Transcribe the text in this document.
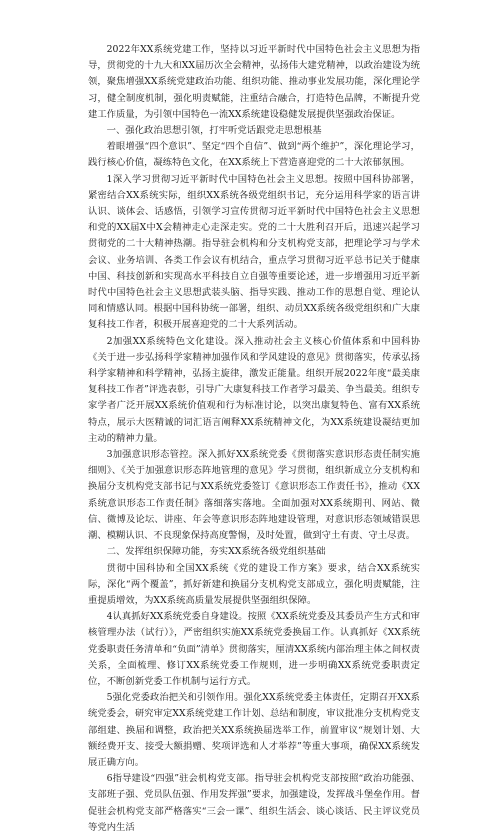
2022年XX系统党建工作，坚持以习近平新时代中国特色社会主义思想为指导，贯彻党的十九大和XX届历次全会精神，弘扬伟大建党精神，以政治建设为统领，聚焦增强XX系统党建政治功能、组织功能、推动事业发展功能，深化理论学习，健全制度机制，强化明责赋能，注重结合融合，打造特色品牌，不断提升党建工作质量，为引领中国特色一流XX系统建设稳健发展提供坚强政治保证。

一、强化政治思想引领，打牢听党话跟党走思想根基

着眼增强“四个意识”、坚定“四个自信”、做到“两个维护”，深化理论学习，践行核心价值，凝练特色文化，在XX系统上下营造喜迎党的二十大浓郁氛围。

1深入学习贯彻习近平新时代中国特色社会主义思想。按照中国科协部署，紧密结合XX系统实际，组织XX系统各级党组织书记，充分运用科学家的语言讲认识、谈体会、话感悟，引领学习宣传贯彻习近平新时代中国特色社会主义思想和党的XX届X中X会精神走心走深走实。党的二十大胜利召开后，迅速兴起学习贯彻党的二十大精神热潮。指导驻会机构和分支机构党支部，把理论学习与学术会议、业务培训、各类工作会议有机结合，重点学习贯彻习近平总书记关于健康中国、科技创新和实现高水平科技自立自强等重要论述，进一步增强用习近平新时代中国特色社会主义思想武装头脑、指导实践、推动工作的思想自觉、理论认同和情感认同。根据中国科协统一部署，组织、动员XX系统各级党组织和广大康复科技工作者，积极开展喜迎党的二十大系列活动。

2加强XX系统特色文化建设。深入推动社会主义核心价值体系和中国科协《关于进一步弘扬科学家精神加强作风和学风建设的意见》贯彻落实，传承弘扬科学家精神和科学精神，弘扬主旋律，激发正能量。组织开展2022年度“最美康复科技工作者”评选表彰，引导广大康复科技工作者学习最美、争当最美。组织专家学者广泛开展XX系统价值观和行为标准讨论，以突出康复特色、富有XX系统特点，展示大医精诚的词汇语言阐释XX系统精神文化，为XX系统建设凝结更加主动的精神力量。

3加强意识形态管控。深入抓好XX系统党委《贯彻落实意识形态责任制实施细则》、《关于加强意识形态阵地管理的意见》学习贯彻，组织新成立分支机构和换届分支机构党支部书记与XX系统党委签订《意识形态工作责任书》，推动《XX系统意识形态工作责任制》落细落实落地。全面加强对XX系统期刊、网站、微信、微博及论坛、讲座、年会等意识形态阵地建设管理，对意识形态领域错误思潮、模糊认识、不良现象保持高度警惕，及时处置，做到守土有责、守土尽责。

二、发挥组织保障功能，夯实XX系统各级党组织基础

贯彻中国科协和全国XX系统《党的建设工作方案》要求，结合XX系统实际，深化“两个覆盖”，抓好新建和换届分支机构党支部成立，强化明责赋能，注重提质增效，为XX系统高质量发展提供坚强组织保障。

4认真抓好XX系统党委自身建设。按照《XX系统党委及其委员产生方式和审核管理办法（试行）》，严密组织实施XX系统党委换届工作。认真抓好《XX系统党委职责任务清单和“负面”清单》贯彻落实，厘清XX系统内部治理主体之间权责关系，全面梳理、修订XX系统党委工作规则，进一步明确XX系统党委职责定位，不断创新党委工作机制与运行方式。

5强化党委政治把关和引领作用。强化XX系统党委主体责任，定期召开XX系统党委会，研究审定XX系统党建工作计划、总结和制度，审议批准分支机构党支部组建、换届和调整，政治把关XX系统换届选举工作，前置审议“规划计划、大额经费开支、接受大额捐赠、奖项评选和人才举荐”等重大事项，确保XX系统发展正确方向。

6指导建设“四强”驻会机构党支部。指导驻会机构党支部按照“政治功能强、支部班子强、党员队伍强、作用发挥强”要求，加强建设，发挥战斗堡垒作用。督促驻会机构党支部严格落实“三会一课”、组织生活会、谈心谈话、民主评议党员等党内生活
